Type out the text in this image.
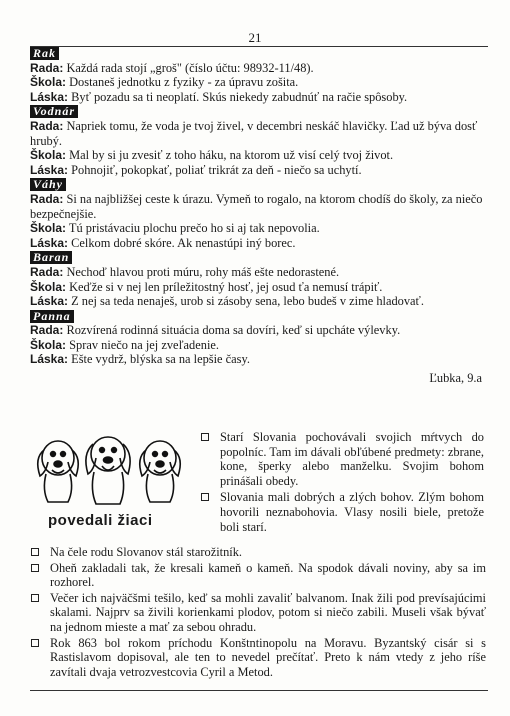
21
Rak
Rada: Každá rada stojí „groš" (číslo účtu: 98932-11/48).
Škola: Dostaneš jednotku z fyziky - za úpravu zošita.
Láska: Byť pozadu sa ti neoplatí. Skús niekedy zabudnúť na račie spôsoby.
Vodnár
Rada: Napriek tomu, že voda je tvoj živel, v decembri neskáč hlavičky. Ľad už býva dosť hrubý.
Škola: Mal by si ju zvesiť z toho háku, na ktorom už visí celý tvoj život.
Láska: Pohnojiť, pokopkať, poliať trikrát za deň - niečo sa uchytí.
Váhy
Rada: Si na najbližšej ceste k úrazu. Vymeň to rogalo, na ktorom chodíš do školy, za niečo bezpečnejšie.
Škola: Tú pristávaciu plochu prečo ho si aj tak nepovolia.
Láska: Celkom dobré skóre. Ak nenastúpi iný borec.
Baran
Rada: Nechoď hlavou proti múru, rohy máš ešte nedorastené.
Škola: Keďže si v nej len príležitostný hosť, jej osud ťa nemusí trápiť.
Láska: Z nej sa teda nenaješ, urob si zásoby sena, lebo budeš v zime hladovať.
Panna
Rada: Rozvírená rodinná situácia doma sa dovíri, keď si upcháte výlevky.
Škola: Sprav niečo na jej zveľadenie.
Láska: Ešte vydrž, blýska sa na lepšie časy.
Ľubka, 9.a
povedali žiaci
Starí Slovania pochovávali svojich mŕtvych do popolníc. Tam im dávali obľúbené predmety: zbrane, kone, šperky alebo manželku. Svojim bohom prinášali obedy.
Slovania mali dobrých a zlých bohov. Zlým bohom hovorili neznabohovia. Vlasy nosili biele, pretože boli starí.
Na čele rodu Slovanov stál starožitník.
Oheň zakladali tak, že kresali kameň o kameň. Na spodok dávali noviny, aby sa im rozhorel.
Večer ich najväčšmi tešilo, keď sa mohli zavaliť balvanom. Inak žili pod prevísajúcimi skalami. Najprv sa živili korienkami plodov, potom si niečo zabili. Museli však bývať na jednom mieste a mať za sebou ohradu.
Rok 863 bol rokom príchodu Konštntinopolu na Moravu. Byzantský cisár si s Rastislavom dopisoval, ale ten to nevedel prečítať. Preto k nám vtedy z jeho ríše zavítali dvaja vetrozvestcovia Cyril a Metod.
